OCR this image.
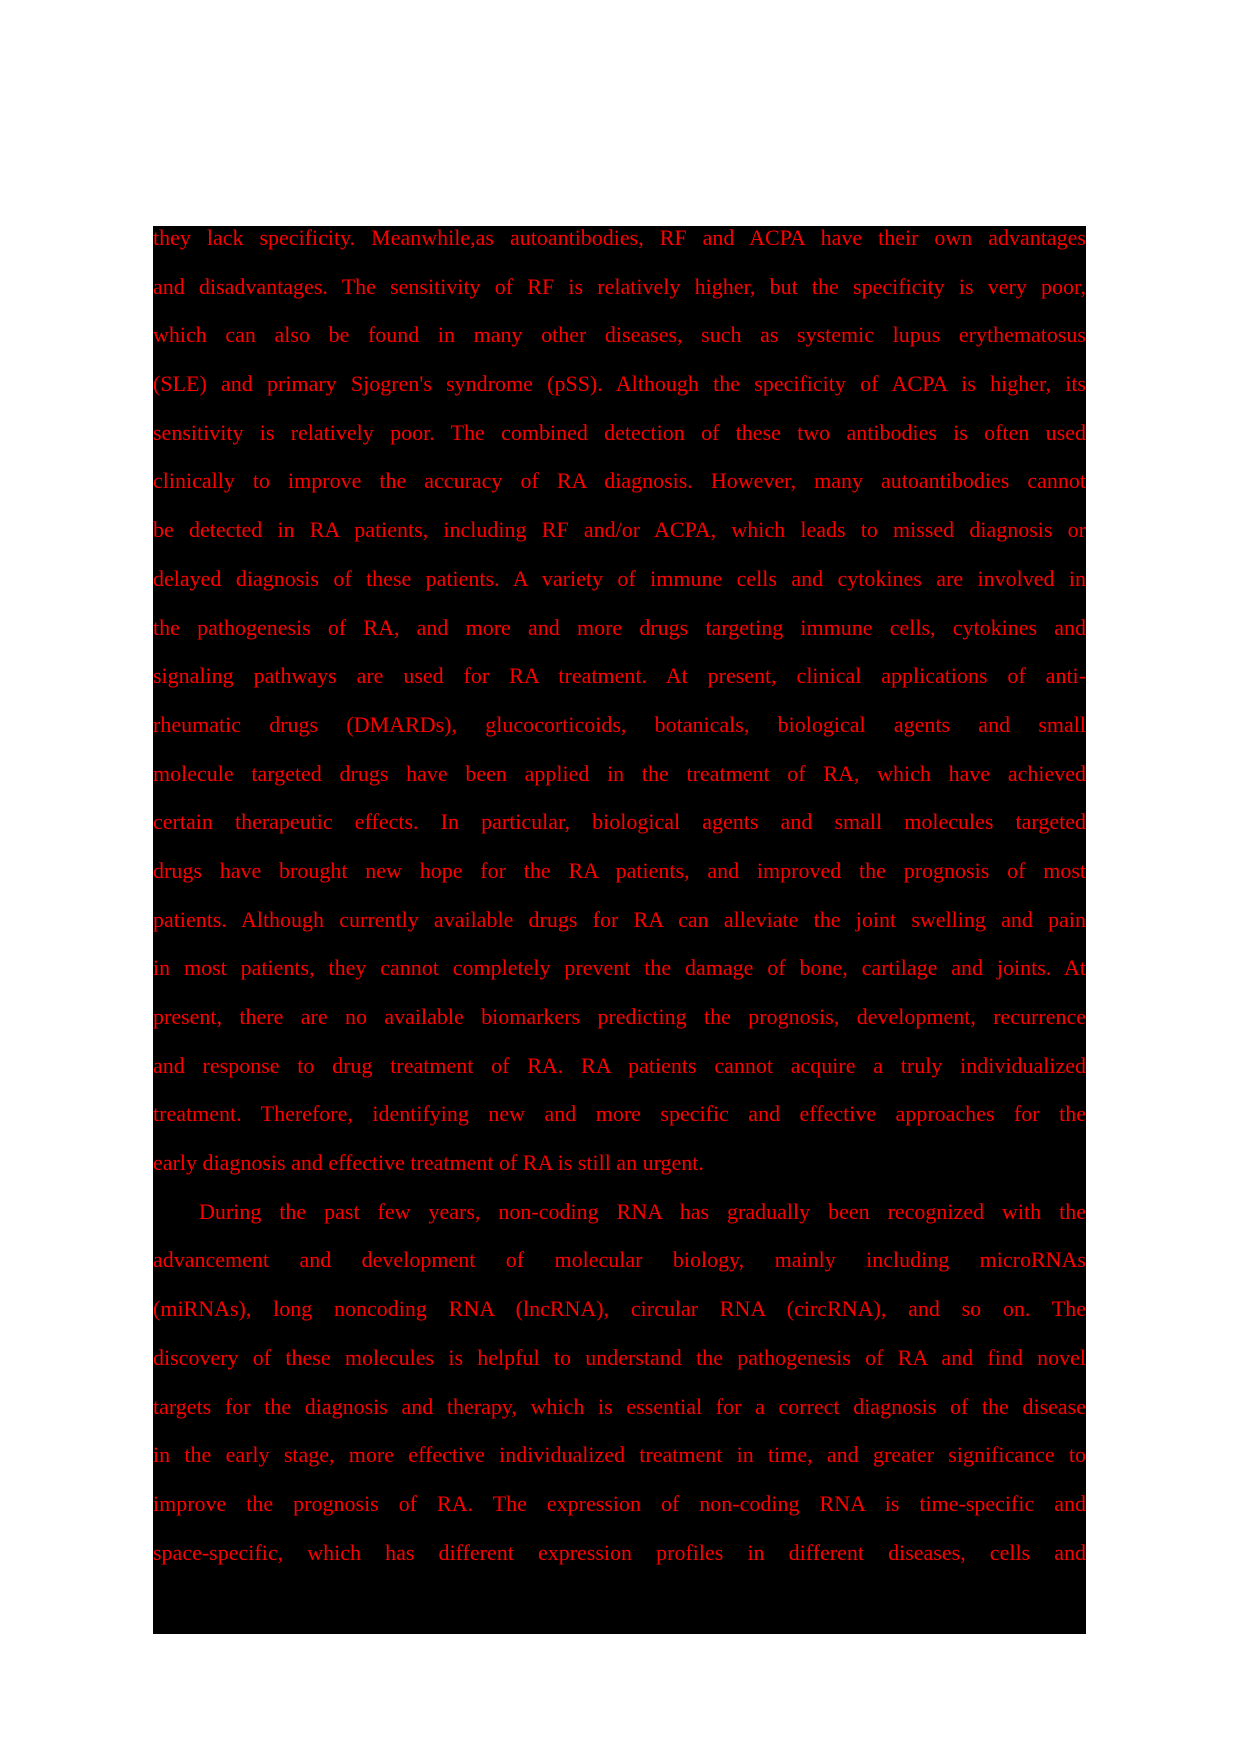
they lack specificity. Meanwhile,as autoantibodies, RF and ACPA have their own advantages
and disadvantages. The sensitivity of RF is relatively higher, but the specificity is very poor,
which can also be found in many other diseases, such as systemic lupus erythematosus
(SLE) and primary Sjogren's syndrome (pSS). Although the specificity of ACPA is higher, its
sensitivity is relatively poor. The combined detection of these two antibodies is often used
clinically to improve the accuracy of RA diagnosis. However, many autoantibodies cannot
be detected in RA patients, including RF and/or ACPA, which leads to missed diagnosis or
delayed diagnosis of these patients. A variety of immune cells and cytokines are involved in
the pathogenesis of RA, and more and more drugs targeting immune cells, cytokines and
signaling pathways are used for RA treatment. At present, clinical applications of anti-
rheumatic drugs (DMARDs), glucocorticoids, botanicals, biological agents and small
molecule targeted drugs have been applied in the treatment of RA, which have achieved
certain therapeutic effects. In particular, biological agents and small molecules targeted
drugs have brought new hope for the RA patients, and improved the prognosis of most
patients. Although currently available drugs for RA can alleviate the joint swelling and pain
in most patients, they cannot completely prevent the damage of bone, cartilage and joints. At
present, there are no available biomarkers predicting the prognosis, development, recurrence
and response to drug treatment of RA. RA patients cannot acquire a truly individualized
treatment. Therefore, identifying new and more specific and effective approaches for the
early diagnosis and effective treatment of RA is still an urgent.
During the past few years, non-coding RNA has gradually been recognized with the
advancement and development of molecular biology, mainly including microRNAs
(miRNAs), long noncoding RNA (lncRNA), circular RNA (circRNA), and so on. The
discovery of these molecules is helpful to understand the pathogenesis of RA and find novel
targets for the diagnosis and therapy, which is essential for a correct diagnosis of the disease
in the early stage, more effective individualized treatment in time, and greater significance to
improve the prognosis of RA. The expression of non-coding RNA is time-specific and
space-specific, which has different expression profiles in different diseases, cells and
